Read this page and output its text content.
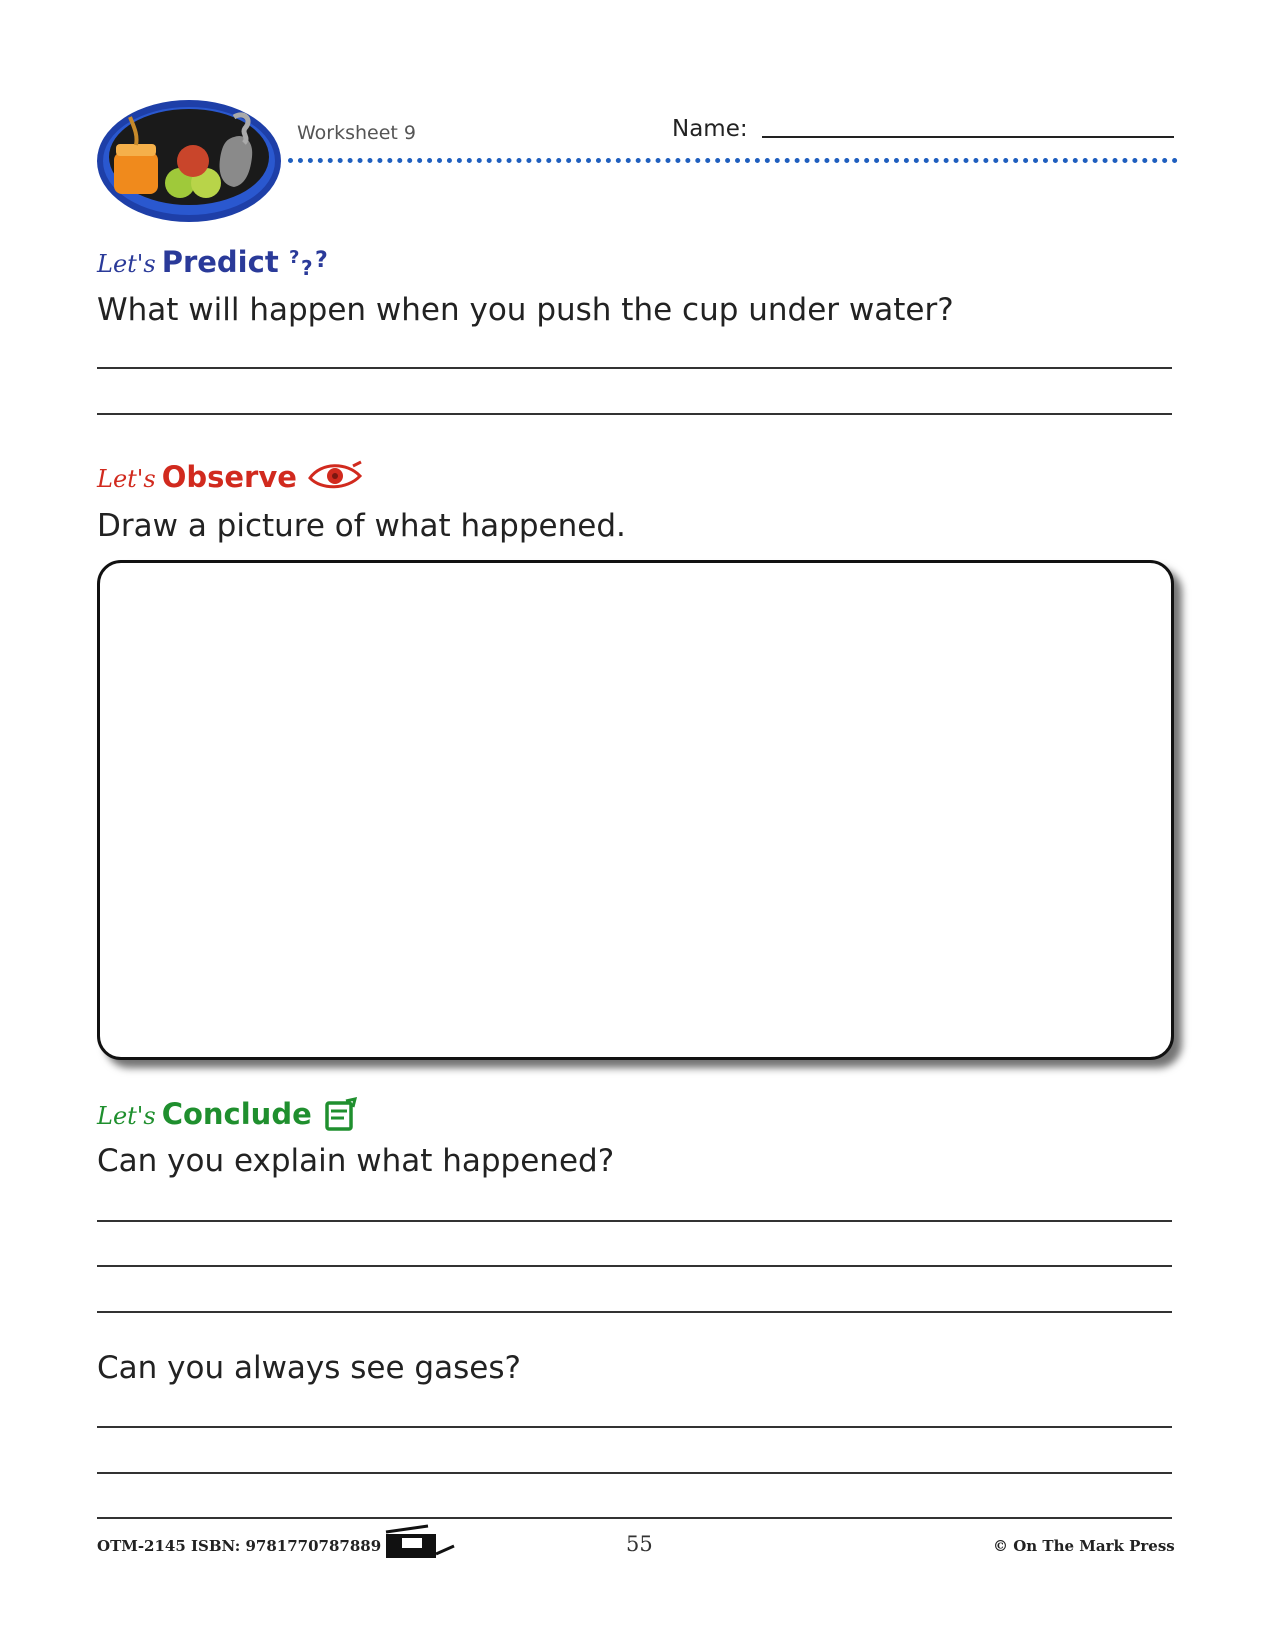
Worksheet 9	Name:
Let's Predict ? ? ?
What will happen when you push the cup under water?
Let's Observe
Draw a picture of what happened.
Let's Conclude
Can you explain what happened?
Can you always see gases?
OTM-2145 ISBN: 9781770787889	55	© On The Mark Press
